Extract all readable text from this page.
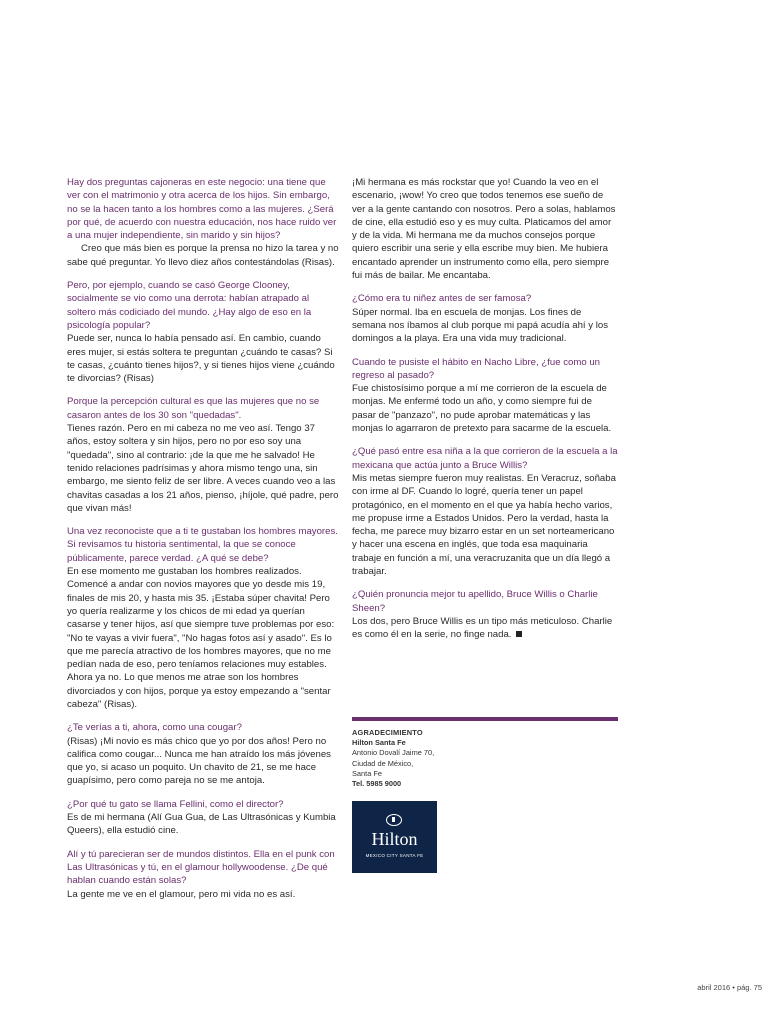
Hay dos preguntas cajoneras en este negocio: una tiene que ver con el matrimonio y otra acerca de los hijos. Sin embargo, no se la hacen tanto a los hombres como a las mujeres. ¿Será por qué, de acuerdo con nuestra educación, nos hace ruido ver a una mujer independiente, sin marido y sin hijos?

Creo que más bien es porque la prensa no hizo la tarea y no sabe qué preguntar. Yo llevo diez años contestándolas (Risas).

Pero, por ejemplo, cuando se casó George Clooney, socialmente se vio como una derrota: habían atrapado al soltero más codiciado del mundo. ¿Hay algo de eso en la psicología popular?

Puede ser, nunca lo había pensado así. En cambio, cuando eres mujer, si estás soltera te preguntan ¿cuándo te casas? Si te casas, ¿cuánto tienes hijos?, y si tienes hijos viene ¿cuándo te divorcias? (Risas)

Porque la percepción cultural es que las mujeres que no se casaron antes de los 30 son "quedadas".

Tienes razón. Pero en mi cabeza no me veo así. Tengo 37 años, estoy soltera y sin hijos, pero no por eso soy una "quedada", sino al contrario: ¡de la que me he salvado! He tenido relaciones padrísimas y ahora mismo tengo una, sin embargo, me siento feliz de ser libre. A veces cuando veo a las chavitas casadas a los 21 años, pienso, ¡híjole, qué padre, pero que vivan más!

Una vez reconociste que a ti te gustaban los hombres mayores. Si revisamos tu historia sentimental, la que se conoce públicamente, parece verdad. ¿A qué se debe?

En ese momento me gustaban los hombres realizados. Comencé a andar con novios mayores que yo desde mis 19, finales de mis 20, y hasta mis 35. ¡Estaba súper chavita! Pero yo quería realizarme y los chicos de mi edad ya querían casarse y tener hijos, así que siempre tuve problemas por eso: "No te vayas a vivir fuera", "No hagas fotos así y asado". Es lo que me parecía atractivo de los hombres mayores, que no me pedían nada de eso, pero teníamos relaciones muy estables. Ahora ya no. Lo que menos me atrae son los hombres divorciados y con hijos, porque ya estoy empezando a "sentar cabeza" (Risas).

¿Te verías a ti, ahora, como una cougar?

(Risas) ¡Mi novio es más chico que yo por dos años! Pero no califica como cougar... Nunca me han atraído los más jóvenes que yo, si acaso un poquito. Un chavito de 21, se me hace guapísimo, pero como pareja no se me antoja.

¿Por qué tu gato se llama Fellini, como el director?

Es de mi hermana (Alí Gua Gua, de Las Ultrasónicas y Kumbia Queers), ella estudió cine.

Alí y tú parecieran ser de mundos distintos. Ella en el punk con Las Ultrasónicas y tú, en el glamour hollywoodense. ¿De qué hablan cuando están solas?

La gente me ve en el glamour, pero mi vida no es así.

¡Mi hermana es más rockstar que yo! Cuando la veo en el escenario, ¡wow! Yo creo que todos tenemos ese sueño de ver a la gente cantando con nosotros. Pero a solas, hablamos de cine, ella estudió eso y es muy culta. Platicamos del amor y de la vida. Mi hermana me da muchos consejos porque quiero escribir una serie y ella escribe muy bien. Me hubiera encantado aprender un instrumento como ella, pero siempre fui más de bailar. Me encantaba.

¿Cómo era tu niñez antes de ser famosa?

Súper normal. Iba en escuela de monjas. Los fines de semana nos íbamos al club porque mi papá acudía ahí y los domingos a la playa. Era una vida muy tradicional.

Cuando te pusiste el hábito en Nacho Libre, ¿fue como un regreso al pasado?

Fue chistosísimo porque a mí me corrieron de la escuela de monjas. Me enfermé todo un año, y como siempre fui de pasar de "panzazo", no pude aprobar matemáticas y las monjas lo agarraron de pretexto para sacarme de la escuela.

¿Qué pasó entre esa niña a la que corrieron de la escuela a la mexicana que actúa junto a Bruce Willis?

Mis metas siempre fueron muy realistas. En Veracruz, soñaba con irme al DF. Cuando lo logré, quería tener un papel protagónico, en el momento en el que ya había hecho varios, me propuse irme a Estados Unidos. Pero la verdad, hasta la fecha, me parece muy bizarro estar en un set norteamericano y hacer una escena en inglés, que toda esa maquinaria trabaje en función a mí, una veracruzanita que un día llegó a trabajar.

¿Quién pronuncia mejor tu apellido, Bruce Willis o Charlie Sheen?

Los dos, pero Bruce Willis es un tipo más meticuloso. Charlie es como él en la serie, no finge nada.

AGRADECIMIENTO
Hilton Santa Fe
Antonio Dovalí Jaime 70,
Ciudad de México,
Santa Fe
Tel. 5985 9000
Hilton
MEXICO CITY SANTA FE
abril 2016 • pág. 75
